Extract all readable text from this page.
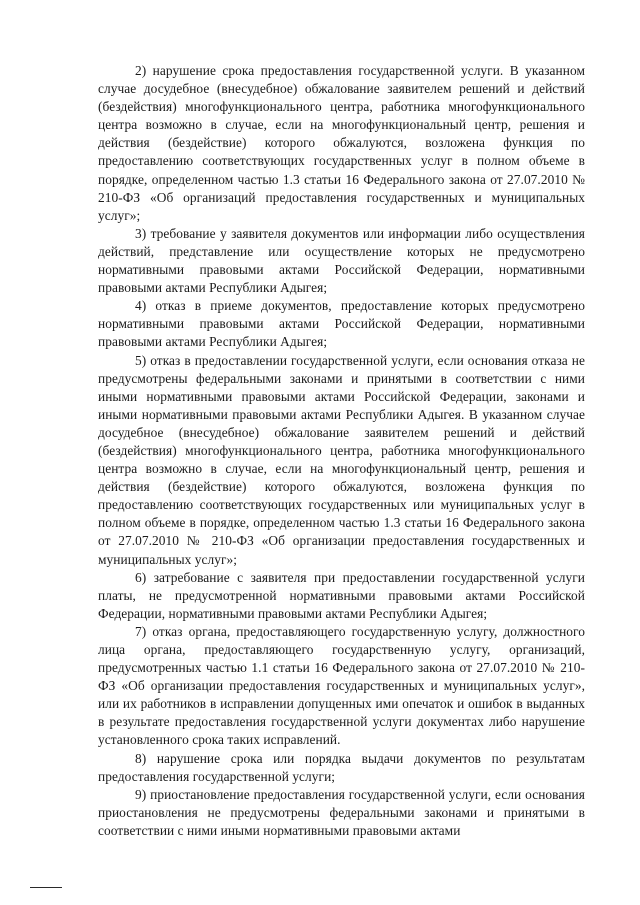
2) нарушение срока предоставления государственной услуги. В указанном случае досудебное (внесудебное) обжалование заявителем решений и действий (бездействия) многофункционального центра, работника многофункционального центра возможно в случае, если на многофункциональный центр, решения и действия (бездействие) которого обжалуются, возложена функция по предоставлению соответствующих государственных услуг в полном объеме в порядке, определенном частью 1.3 статьи 16 Федерального закона от 27.07.2010 № 210-ФЗ «Об организаций предоставления государственных и муниципальных услуг»;

3) требование у заявителя документов или информации либо осуществления действий, представление или осуществление которых не предусмотрено нормативными правовыми актами Российской Федерации, нормативными правовыми актами Республики Адыгея;

4) отказ в приеме документов, предоставление которых предусмотрено нормативными правовыми актами Российской Федерации, нормативными правовыми актами Республики Адыгея;

5) отказ в предоставлении государственной услуги, если основания отказа не предусмотрены федеральными законами и принятыми в соответствии с ними иными нормативными правовыми актами Российской Федерации, законами и иными нормативными правовыми актами Республики Адыгея. В указанном случае досудебное (внесудебное) обжалование заявителем решений и действий (бездействия) многофункционального центра, работника многофункционального центра возможно в случае, если на многофункциональный центр, решения и действия (бездействие) которого обжалуются, возложена функция по предоставлению соответствующих государственных или муниципальных услуг в полном объеме в порядке, определенном частью 1.3 статьи 16 Федерального закона от 27.07.2010 № 210-ФЗ «Об организации предоставления государственных и муниципальных услуг»;

6) затребование с заявителя при предоставлении государственной услуги платы, не предусмотренной нормативными правовыми актами Российской Федерации, нормативными правовыми актами Республики Адыгея;

7) отказ органа, предоставляющего государственную услугу, должностного лица органа, предоставляющего государственную услугу, организаций, предусмотренных частью 1.1 статьи 16 Федерального закона от 27.07.2010 № 210-ФЗ «Об организации предоставления государственных и муниципальных услуг», или их работников в исправлении допущенных ими опечаток и ошибок в выданных в результате предоставления государственной услуги документах либо нарушение установленного срока таких исправлений.

8) нарушение срока или порядка выдачи документов по результатам предоставления государственной услуги;

9) приостановление предоставления государственной услуги, если основания приостановления не предусмотрены федеральными законами и принятыми в соответствии с ними иными нормативными правовыми актами
